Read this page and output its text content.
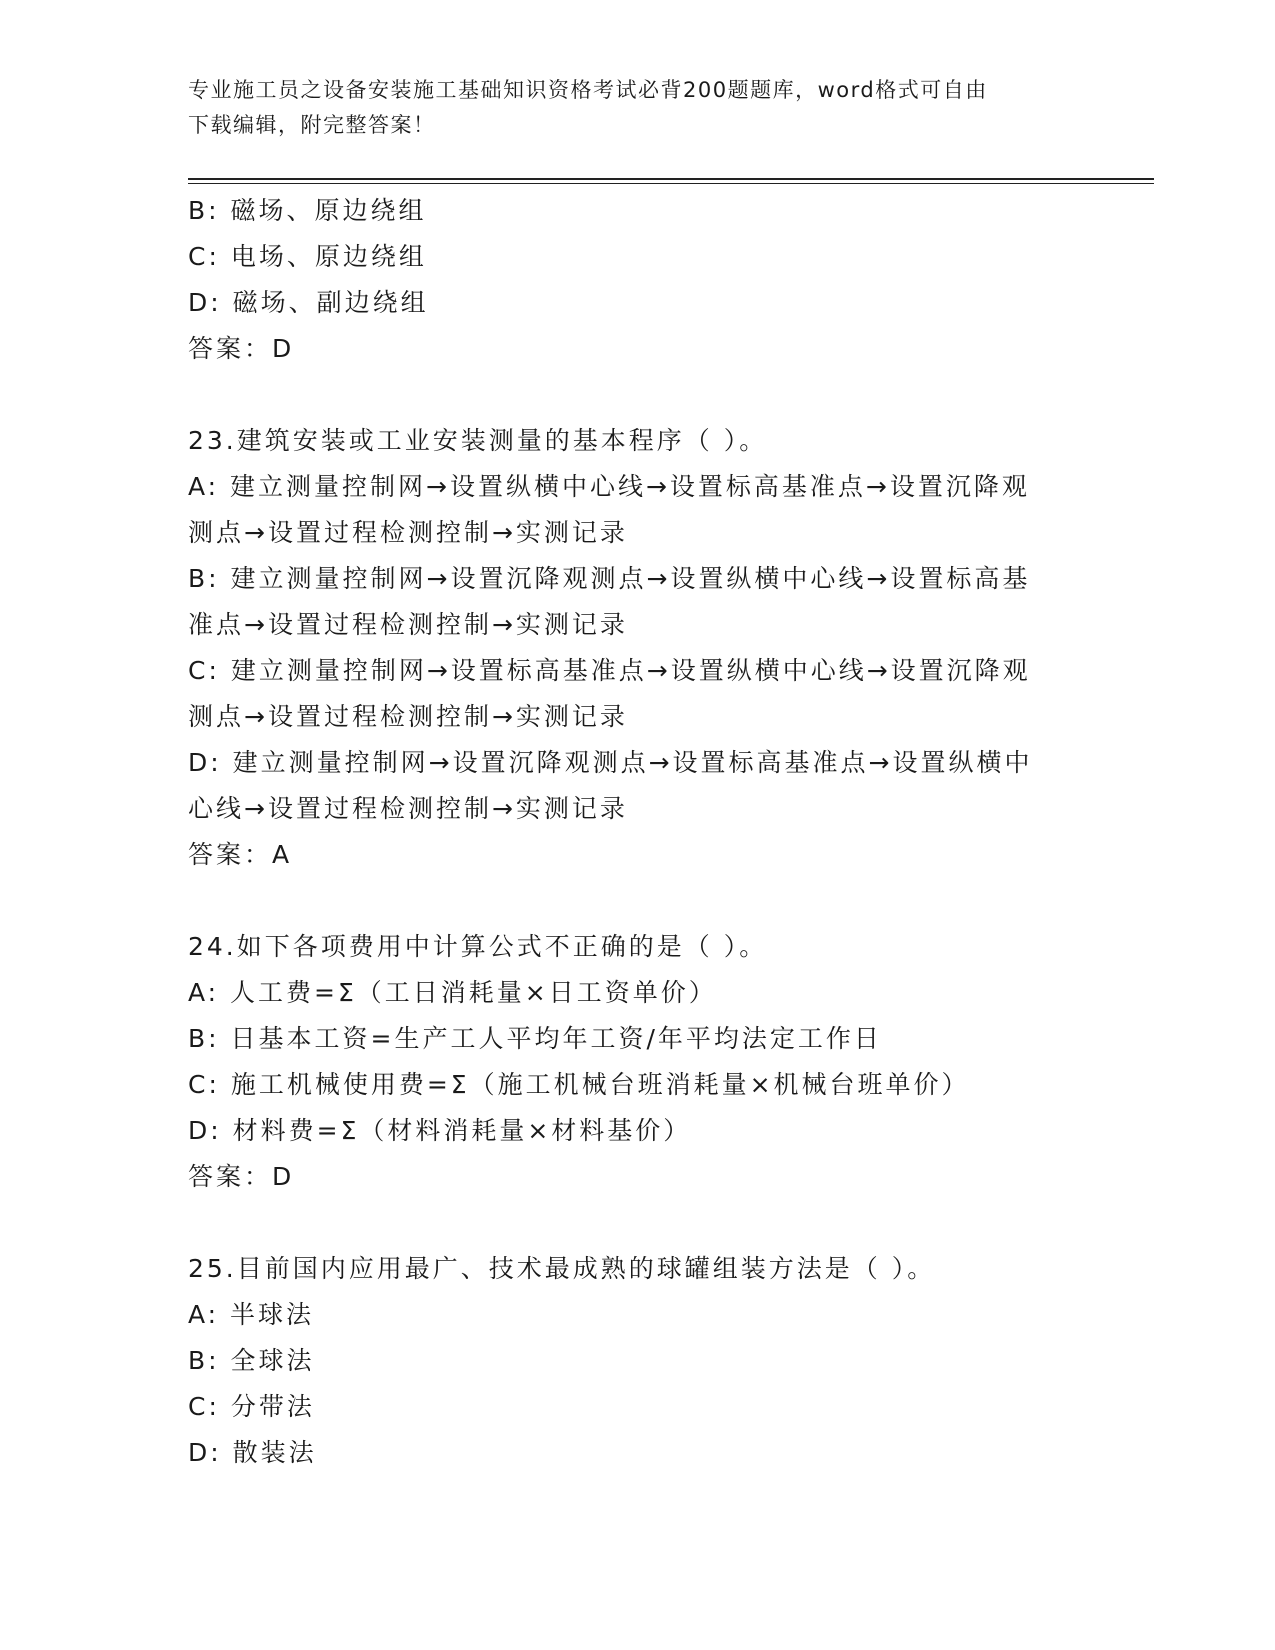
专业施工员之设备安装施工基础知识资格考试必背200题题库，word格式可自由
下载编辑，附完整答案！
B: 磁场、原边绕组
C: 电场、原边绕组
D: 磁场、副边绕组
答案：D
23.建筑安装或工业安装测量的基本程序（ ）。
A: 建立测量控制网→设置纵横中心线→设置标高基准点→设置沉降观
测点→设置过程检测控制→实测记录
B: 建立测量控制网→设置沉降观测点→设置纵横中心线→设置标高基
准点→设置过程检测控制→实测记录
C: 建立测量控制网→设置标高基准点→设置纵横中心线→设置沉降观
测点→设置过程检测控制→实测记录
D: 建立测量控制网→设置沉降观测点→设置标高基准点→设置纵横中
心线→设置过程检测控制→实测记录
答案：A
24.如下各项费用中计算公式不正确的是（ ）。
A: 人工费=Σ（工日消耗量×日工资单价）
B: 日基本工资=生产工人平均年工资/年平均法定工作日
C: 施工机械使用费=Σ（施工机械台班消耗量×机械台班单价）
D: 材料费=Σ（材料消耗量×材料基价）
答案：D
25.目前国内应用最广、技术最成熟的球罐组装方法是（ ）。
A: 半球法
B: 全球法
C: 分带法
D: 散装法
